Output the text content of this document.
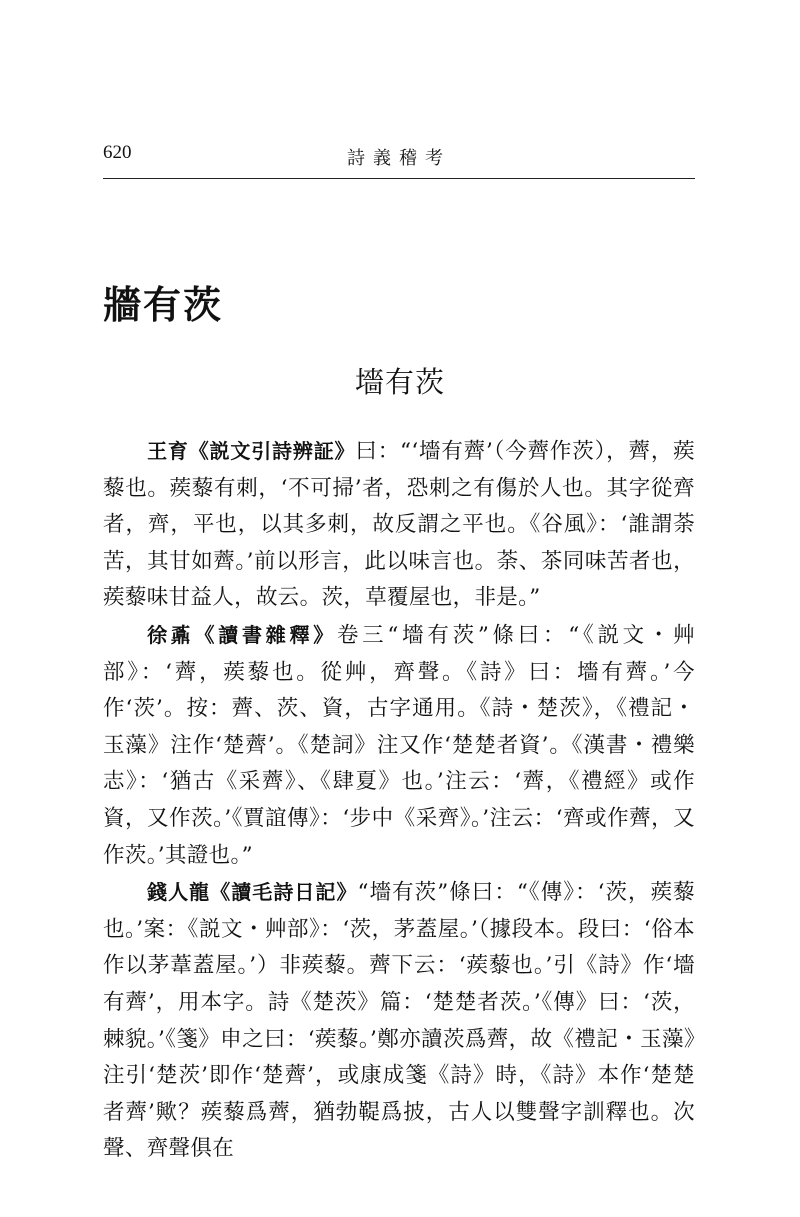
620	詩義稽考
牆有茨
墻有茨

王育《説文引詩辨証》曰：“‘墻有薺’（今薺作茨），薺，蒺藜也。蒺藜有刺，‘不可掃’者，恐刺之有傷於人也。其字從齊者，齊，平也，以其多刺，故反謂之平也。《谷風》：‘誰謂荼苦，其甘如薺。’前以形言，此以味言也。荼、茶同味苦者也，蒺藜味甘益人，故云。茨，草覆屋也，非是。”

徐鼒《讀書雜釋》卷三“墻有茨”條曰：“《説文・艸部》：‘薺，蒺藜也。從艸，齊聲。《詩》曰：墻有薺。’今作‘茨’。按：薺、茨、資，古字通用。《詩・楚茨》，《禮記・玉藻》注作‘楚薺’。《楚詞》注又作‘楚楚者資’。《漢書・禮樂志》：‘猶古《采薺》、《肆夏》也。’注云：‘薺，《禮經》或作資，又作茨。’《賈誼傳》：‘步中《采齊》。’注云：‘齊或作薺，又作茨。’其證也。”

錢人龍《讀毛詩日記》“墻有茨”條曰：“《傳》：‘茨，蒺藜也。’案：《説文・艸部》：‘茨，茅蓋屋。’（據段本。段曰：‘俗本作以茅葦蓋屋。’）非蒺藜。薺下云：‘蒺藜也。’引《詩》作‘墻有薺’，用本字。詩《楚茨》篇：‘楚楚者茨。’《傳》曰：‘茨，棘貌。’《箋》申之曰：‘蒺藜。’鄭亦讀茨爲薺，故《禮記・玉藻》注引‘楚茨’即作‘楚薺’，或康成箋《詩》時，《詩》本作‘楚楚者薺’歟？蒺藜爲薺，猶勃鞮爲披，古人以雙聲字訓釋也。次聲、齊聲俱在
